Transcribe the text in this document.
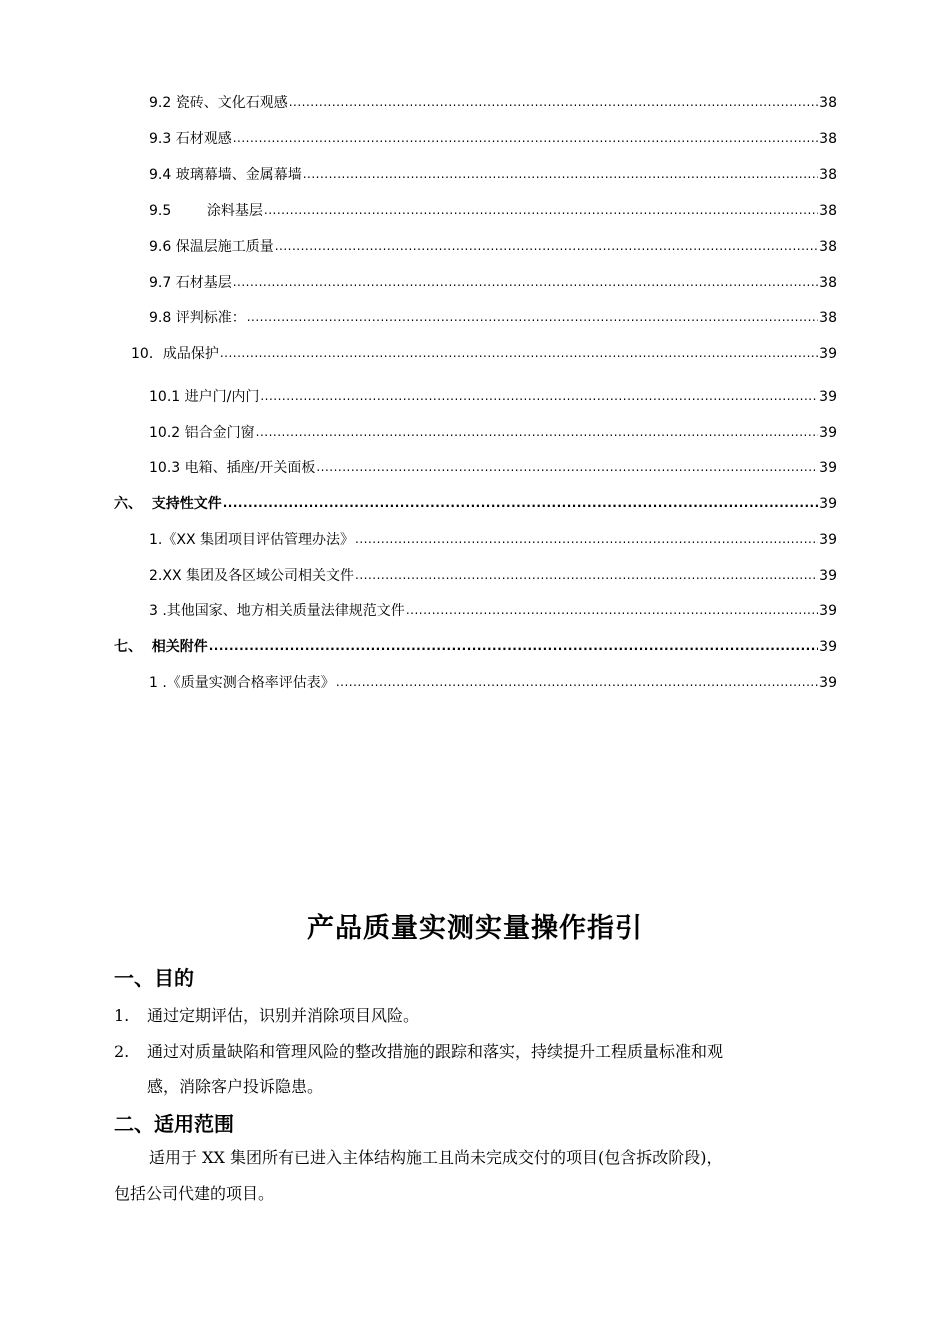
9.2 瓷砖、文化石观感 .....	38
9.3 石材观感 .....	38
9.4 玻璃幕墙、金属幕墙 .....	38
9.5        涂料基层 .....	38
9.6 保温层施工质量 .....	38
9.7 石材基层 .....	38
9.8 评判标准： .....	38
10．成品保护 .....	39
10.1 进户门/内门 .....	39
10.2 铝合金门窗 .....	39
10.3 电箱、插座/开关面板 .....	39
六、  支持性文件 .....	39
1.《XX 集团项目评估管理办法》 .....	39
2.XX 集团及各区域公司相关文件 .....	39
3 .其他国家、地方相关质量法律规范文件 .....	39
七、  相关附件 .....	39
1 .《质量实测合格率评估表》 .....	39
产品质量实测实量操作指引
一、目的
1. 通过定期评估，识别并消除项目风险。
2. 通过对质量缺陷和管理风险的整改措施的跟踪和落实，持续提升工程质量标准和观
感，消除客户投诉隐患。
二、适用范围
适用于 XX 集团所有已进入主体结构施工且尚未完成交付的项目(包含拆改阶段)，
包括公司代建的项目。
